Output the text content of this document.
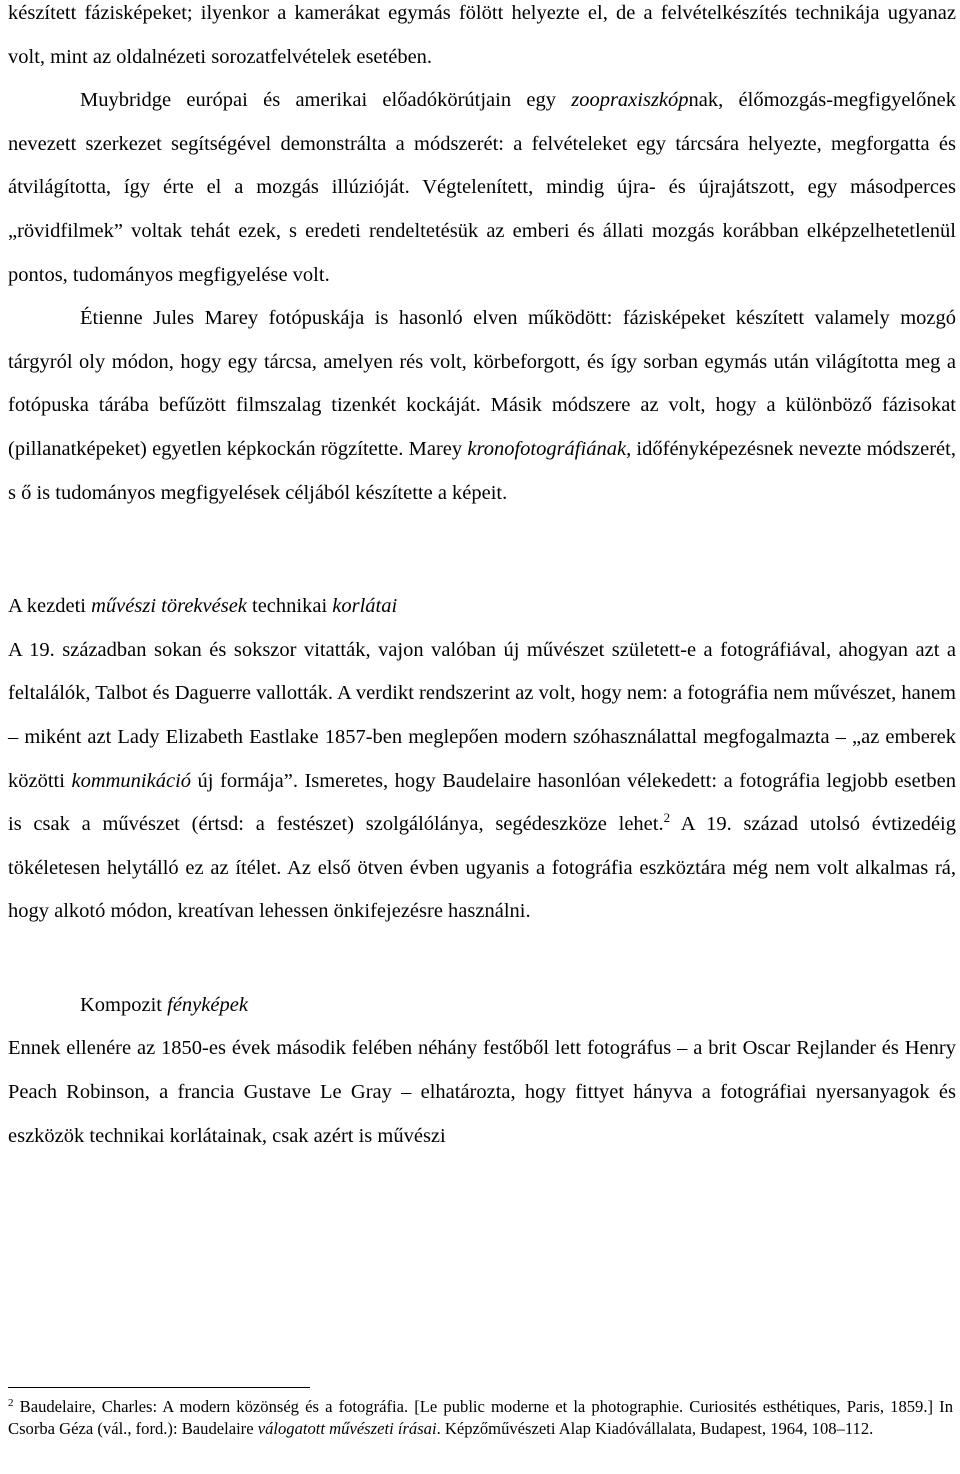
készített fázisképeket; ilyenkor a kamerákat egymás fölött helyezte el, de a felvételkészítés technikája ugyanaz volt, mint az oldalnézeti sorozatfelvételek esetében.

Muybridge európai és amerikai előadókörútjain egy zoopraxiszkópnak, élőmozgás-megfigyelőnek nevezett szerkezet segítségével demonstrálta a módszerét: a felvételeket egy tárcsára helyezte, megforgatta és átvilágította, így érte el a mozgás illúzióját. Végtelenített, mindig újra- és újrajátszott, egy másodperces „rövidfilmek” voltak tehát ezek, s eredeti rendeltetésük az emberi és állati mozgás korábban elképzelhetetlenül pontos, tudományos megfigyelése volt.

Étienne Jules Marey fotópuskája is hasonló elven működött: fázisképeket készített valamely mozgó tárgyról oly módon, hogy egy tárcsa, amelyen rés volt, körbeforgott, és így sorban egymás után világította meg a fotópuska tárába befűzött filmszalag tizenkét kockáját. Másik módszere az volt, hogy a különböző fázisokat (pillanatképeket) egyetlen képkockán rögzítette. Marey kronofotográfiának, időfényképezésnek nevezte módszerét, s ő is tudományos megfigyelések céljából készítette a képeit.

A kezdeti művészi törekvések technikai korlátai

A 19. században sokan és sokszor vitatták, vajon valóban új művészet született-e a fotográfiával, ahogyan azt a feltalálók, Talbot és Daguerre vallották. A verdikt rendszerint az volt, hogy nem: a fotográfia nem művészet, hanem – miként azt Lady Elizabeth Eastlake 1857-ben meglepően modern szóhasználattal megfogalmazta – „az emberek közötti kommunikáció új formája”. Ismeretes, hogy Baudelaire hasonlóan vélekedett: a fotográfia legjobb esetben is csak a művészet (értsd: a festészet) szolgálólánya, segédeszköze lehet.$^2$ A 19. század utolsó évtizedéig tökéletesen helytálló ez az ítélet. Az első ötven évben ugyanis a fotográfia eszköztára még nem volt alkalmas rá, hogy alkotó módon, kreatívan lehessen önkifejezésre használni.

Kompozit fényképek

Ennek ellenére az 1850-es évek második felében néhány festőből lett fotográfus – a brit Oscar Rejlander és Henry Peach Robinson, a francia Gustave Le Gray – elhatározta, hogy fittyet hányva a fotográfiai nyersanyagok és eszközök technikai korlátainak, csak azért is művészi

$^2$ Baudelaire, Charles: A modern közönség és a fotográfia. [Le public moderne et la photographie. Curiosités esthétiques, Paris, 1859.] In Csorba Géza (vál., ford.): Baudelaire válogatott művészeti írásai. Képzőművészeti Alap Kiadóvállalata, Budapest, 1964, 108–112.
